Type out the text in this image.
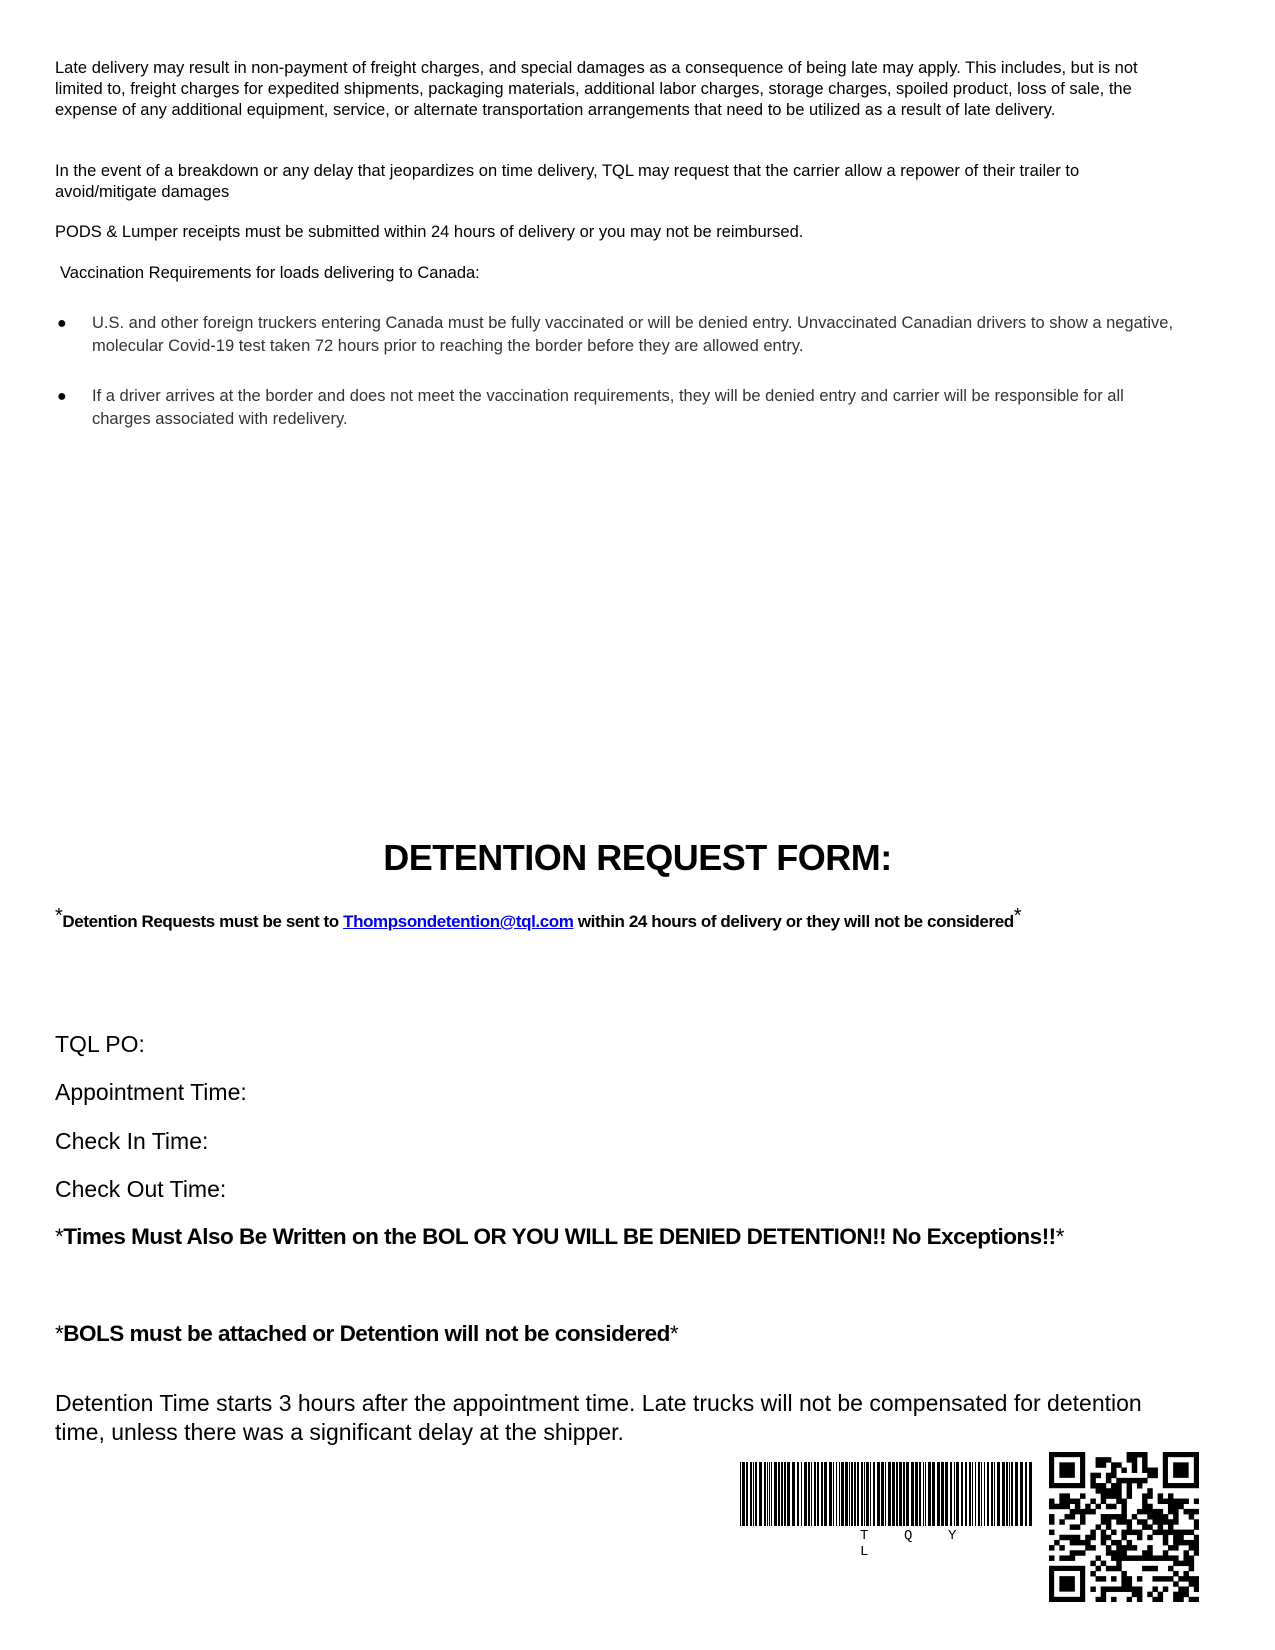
Late delivery may result in non-payment of freight charges, and special damages as a consequence of being late may apply. This includes, but is not limited to, freight charges for expedited shipments, packaging materials, additional labor charges, storage charges, spoiled product, loss of sale, the expense of any additional equipment, service, or alternate transportation arrangements that need to be utilized as a result of late delivery.

In the event of a breakdown or any delay that jeopardizes on time delivery, TQL may request that the carrier allow a repower of their trailer to avoid/mitigate damages

PODS & Lumper receipts must be submitted within 24 hours of delivery or you may not be reimbursed.

Vaccination Requirements for loads delivering to Canada:

● U.S. and other foreign truckers entering Canada must be fully vaccinated or will be denied entry. Unvaccinated Canadian drivers to show a negative, molecular Covid-19 test taken 72 hours prior to reaching the border before they are allowed entry.
● If a driver arrives at the border and does not meet the vaccination requirements, they will be denied entry and carrier will be responsible for all charges associated with redelivery.
DETENTION REQUEST FORM:
*Detention Requests must be sent to Thompsondetention@tql.com within 24 hours of delivery or they will not be considered*
TQL PO:
Appointment Time:
Check In Time:
Check Out Time:
*Times Must Also Be Written on the BOL OR YOU WILL BE DENIED DETENTION!! No Exceptions!!*
*BOLS must be attached or Detention will not be considered*
Detention Time starts 3 hours after the appointment time. Late trucks will not be compensated for detention time, unless there was a significant delay at the shipper.
T	Q	YL
